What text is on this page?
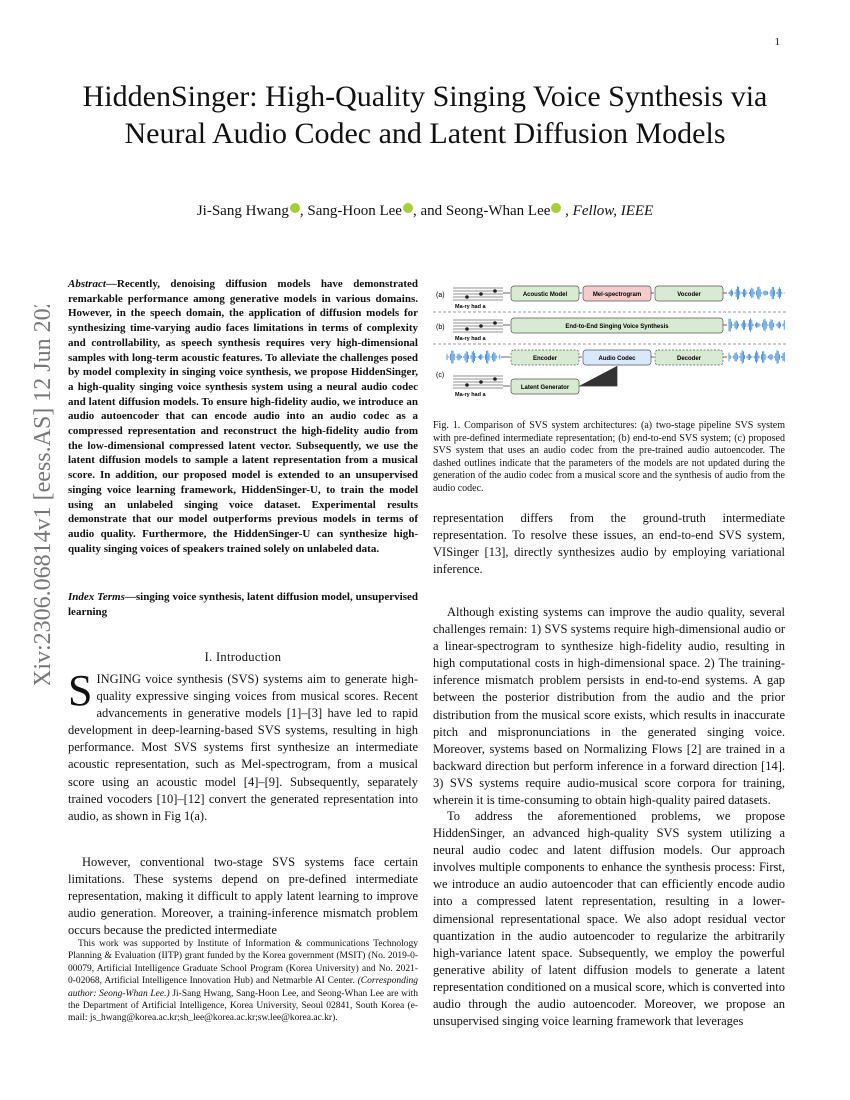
1
arXiv:2306.06814v1 [eess.AS] 12 Jun 2023
HiddenSinger: High-Quality Singing Voice Synthesis via Neural Audio Codec and Latent Diffusion Models
Ji-Sang Hwang , Sang-Hoon Lee , and Seong-Whan Lee , Fellow, IEEE
Abstract—Recently, denoising diffusion models have demonstrated remarkable performance among generative models in various domains. However, in the speech domain, the application of diffusion models for synthesizing time-varying audio faces limitations in terms of complexity and controllability, as speech synthesis requires very high-dimensional samples with long-term acoustic features. To alleviate the challenges posed by model complexity in singing voice synthesis, we propose HiddenSinger, a high-quality singing voice synthesis system using a neural audio codec and latent diffusion models. To ensure high-fidelity audio, we introduce an audio autoencoder that can encode audio into an audio codec as a compressed representation and reconstruct the high-fidelity audio from the low-dimensional compressed latent vector. Subsequently, we use the latent diffusion models to sample a latent representation from a musical score. In addition, our proposed model is extended to an unsupervised singing voice learning framework, HiddenSinger-U, to train the model using an unlabeled singing voice dataset. Experimental results demonstrate that our model outperforms previous models in terms of audio quality. Furthermore, the HiddenSinger-U can synthesize high-quality singing voices of speakers trained solely on unlabeled data.
Index Terms—singing voice synthesis, latent diffusion model, unsupervised learning
I. Introduction
SINGING voice synthesis (SVS) systems aim to generate high-quality expressive singing voices from musical scores. Recent advancements in generative models [1]–[3] have led to rapid development in deep-learning-based SVS systems, resulting in high performance. Most SVS systems first synthesize an intermediate acoustic representation, such as Mel-spectrogram, from a musical score using an acoustic model [4]–[9]. Subsequently, separately trained vocoders [10]–[12] convert the generated representation into audio, as shown in Fig 1(a).
However, conventional two-stage SVS systems face certain limitations. These systems depend on pre-defined intermediate representation, making it difficult to apply latent learning to improve audio generation. Moreover, a training-inference mismatch problem occurs because the predicted intermediate

This work was supported by Institute of Information & communications Technology Planning & Evaluation (IITP) grant funded by the Korea government (MSIT) (No. 2019-0-00079, Artificial Intelligence Graduate School Program (Korea University) and No. 2021-0-02068, Artificial Intelligence Innovation Hub) and Netmarble AI Center. (Corresponding author: Seong-Whan Lee.) Ji-Sang Hwang, Sang-Hoon Lee, and Seong-Whan Lee are with the Department of Artificial Intelligence, Korea University, Seoul 02841, South Korea (e-mail: js_hwang@korea.ac.kr;sh_lee@korea.ac.kr;sw.lee@korea.ac.kr).

(a)
(b)
(c)
Ma-ry had a
Ma-ry had a
Ma-ry had a
Acoustic Model	Mel-spectrogram	Vocoder
End-to-End Singing Voice Synthesis
Encoder	Audio Codec	Decoder
Latent Generator
Fig. 1. Comparison of SVS system architectures: (a) two-stage pipeline SVS system with pre-defined intermediate representation; (b) end-to-end SVS system; (c) proposed SVS system that uses an audio codec from the pre-trained audio autoencoder. The dashed outlines indicate that the parameters of the models are not updated during the generation of the audio codec from a musical score and the synthesis of audio from the audio codec.
representation differs from the ground-truth intermediate representation. To resolve these issues, an end-to-end SVS system, VISinger [13], directly synthesizes audio by employing variational inference.
Although existing systems can improve the audio quality, several challenges remain: 1) SVS systems require high-dimensional audio or a linear-spectrogram to synthesize high-fidelity audio, resulting in high computational costs in high-dimensional space. 2) The training-inference mismatch problem persists in end-to-end systems. A gap between the posterior distribution from the audio and the prior distribution from the musical score exists, which results in inaccurate pitch and mispronunciations in the generated singing voice. Moreover, systems based on Normalizing Flows [2] are trained in a backward direction but perform inference in a forward direction [14]. 3) SVS systems require audio-musical score corpora for training, wherein it is time-consuming to obtain high-quality paired datasets.
To address the aforementioned problems, we propose HiddenSinger, an advanced high-quality SVS system utilizing a neural audio codec and latent diffusion models. Our approach involves multiple components to enhance the synthesis process: First, we introduce an audio autoencoder that can efficiently encode audio into a compressed latent representation, resulting in a lower-dimensional representational space. We also adopt residual vector quantization in the audio autoencoder to regularize the arbitrarily high-variance latent space. Subsequently, we employ the powerful generative ability of latent diffusion models to generate a latent representation conditioned on a musical score, which is converted into audio through the audio autoencoder. Moreover, we propose an unsupervised singing voice learning framework that leverages
